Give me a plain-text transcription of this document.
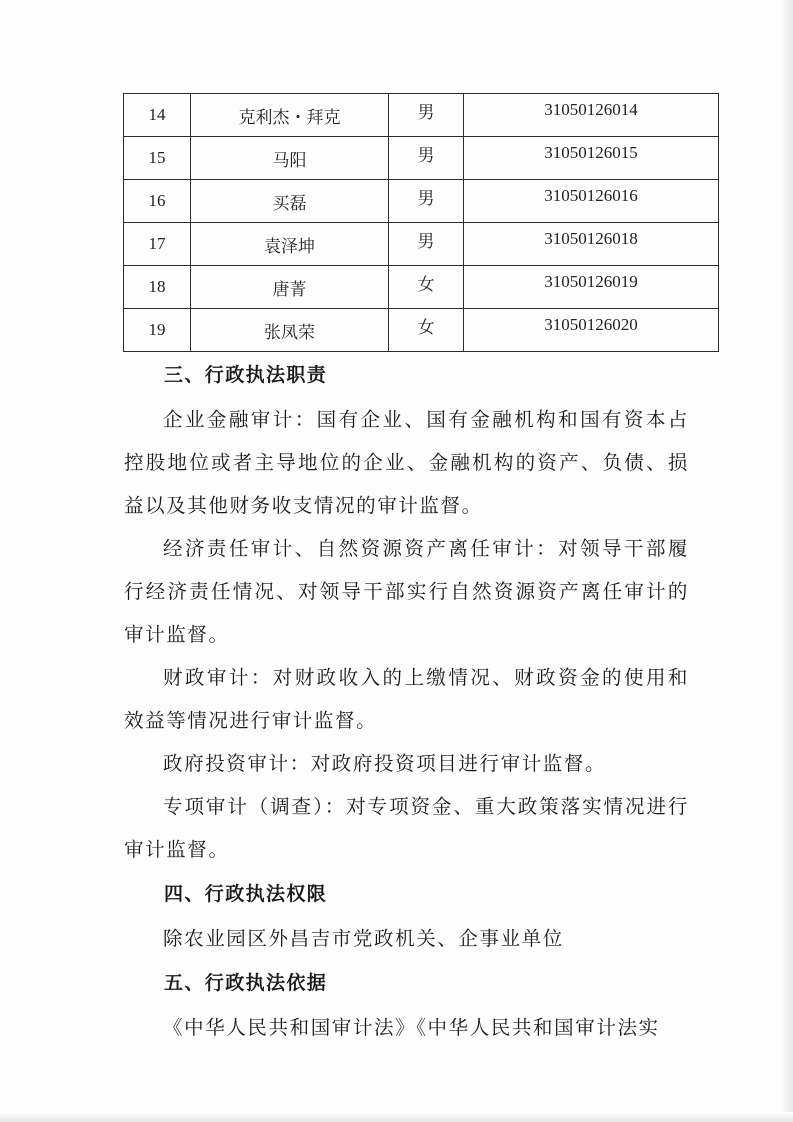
14	克利杰・拜克	男	31050126014
15	马阳	男	31050126015
16	买磊	男	31050126016
17	袁泽坤	男	31050126018
18	唐菁	女	31050126019
19	张凤荣	女	31050126020
三、行政执法职责

企业金融审计：国有企业、国有金融机构和国有资本占控股地位或者主导地位的企业、金融机构的资产、负债、损益以及其他财务收支情况的审计监督。

经济责任审计、自然资源资产离任审计：对领导干部履行经济责任情况、对领导干部实行自然资源资产离任审计的审计监督。

财政审计：对财政收入的上缴情况、财政资金的使用和效益等情况进行审计监督。

政府投资审计：对政府投资项目进行审计监督。

专项审计（调查）：对专项资金、重大政策落实情况进行审计监督。

四、行政执法权限

除农业园区外昌吉市党政机关、企事业单位

五、行政执法依据

《中华人民共和国审计法》《中华人民共和国审计法实
